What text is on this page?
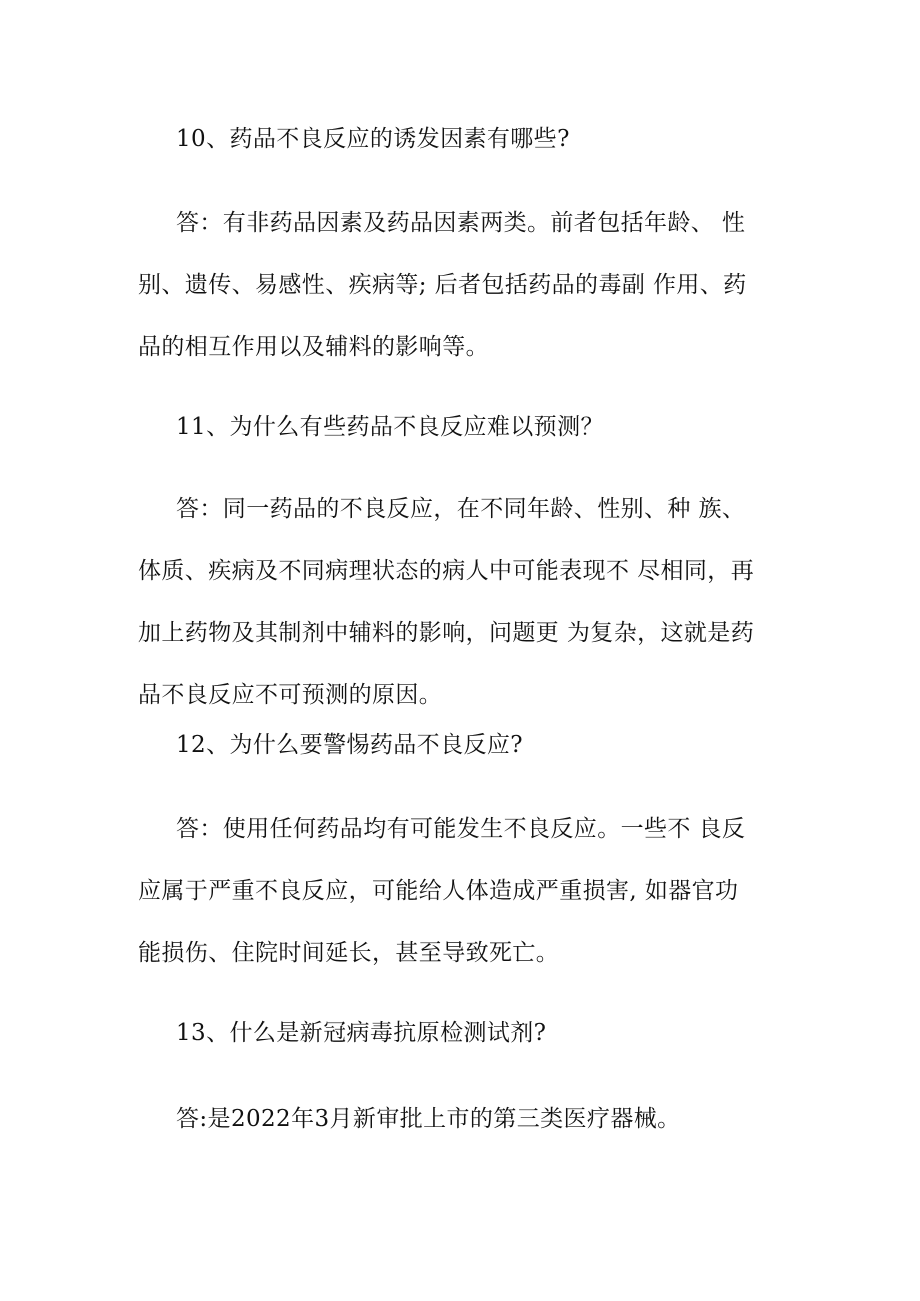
10、药品不良反应的诱发因素有哪些?
答：有非药品因素及药品因素两类。前者包括年龄、 性
别、遗传、易感性、疾病等; 后者包括药品的毒副 作用、药
品的相互作用以及辅料的影响等。
11、为什么有些药品不良反应难以预测？
答：同一药品的不良反应，在不同年龄、性别、种 族、
体质、疾病及不同病理状态的病人中可能表现不 尽相同，再
加上药物及其制剂中辅料的影响，问题更 为复杂，这就是药
品不良反应不可预测的原因。
12、为什么要警惕药品不良反应?
答：使用任何药品均有可能发生不良反应。一些不 良反
应属于严重不良反应，可能给人体造成严重损害, 如器官功
能损伤、住院时间延长，甚至导致死亡。
13、什么是新冠病毒抗原检测试剂?
答:是2022年3月新审批上市的第三类医疗器械。
